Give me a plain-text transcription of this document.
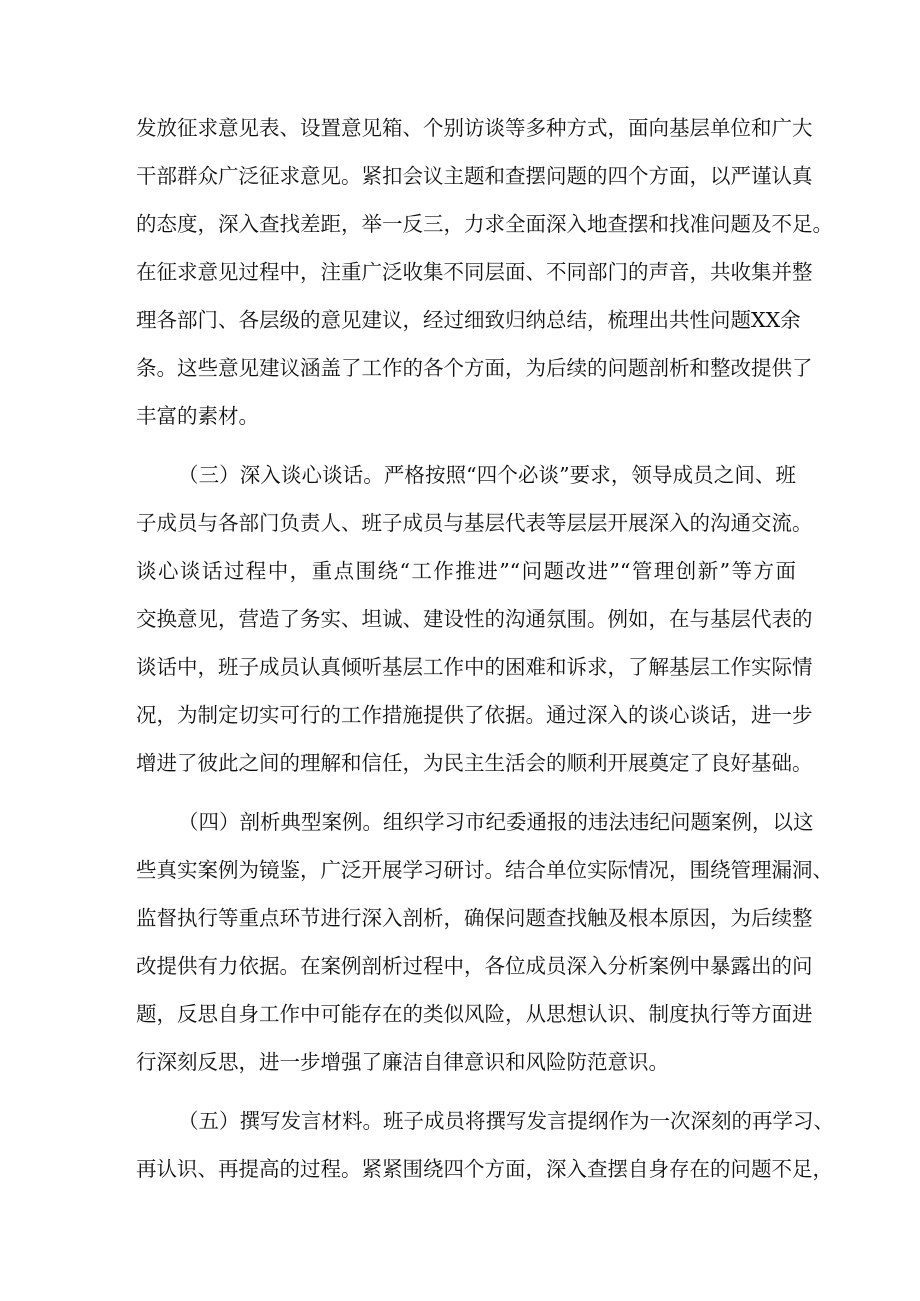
发放征求意见表、设置意见箱、个别访谈等多种方式，面向基层单位和广大
干部群众广泛征求意见。紧扣会议主题和查摆问题的四个方面，以严谨认真
的态度，深入查找差距，举一反三，力求全面深入地查摆和找准问题及不足。
在征求意见过程中，注重广泛收集不同层面、不同部门的声音，共收集并整
理各部门、各层级的意见建议，经过细致归纳总结，梳理出共性问题XX余
条。这些意见建议涵盖了工作的各个方面，为后续的问题剖析和整改提供了
丰富的素材。
（三）深入谈心谈话。严格按照“四个必谈”要求，领导成员之间、班
子成员与各部门负责人、班子成员与基层代表等层层开展深入的沟通交流。
谈心谈话过程中，重点围绕“工作推进”“问题改进”“管理创新”等方面
交换意见，营造了务实、坦诚、建设性的沟通氛围。例如，在与基层代表的
谈话中，班子成员认真倾听基层工作中的困难和诉求，了解基层工作实际情
况，为制定切实可行的工作措施提供了依据。通过深入的谈心谈话，进一步
增进了彼此之间的理解和信任，为民主生活会的顺利开展奠定了良好基础。
（四）剖析典型案例。组织学习市纪委通报的违法违纪问题案例，以这
些真实案例为镜鉴，广泛开展学习研讨。结合单位实际情况，围绕管理漏洞、
监督执行等重点环节进行深入剖析，确保问题查找触及根本原因，为后续整
改提供有力依据。在案例剖析过程中，各位成员深入分析案例中暴露出的问
题，反思自身工作中可能存在的类似风险，从思想认识、制度执行等方面进
行深刻反思，进一步增强了廉洁自律意识和风险防范意识。
（五）撰写发言材料。班子成员将撰写发言提纲作为一次深刻的再学习、
再认识、再提高的过程。紧紧围绕四个方面，深入查摆自身存在的问题不足，
